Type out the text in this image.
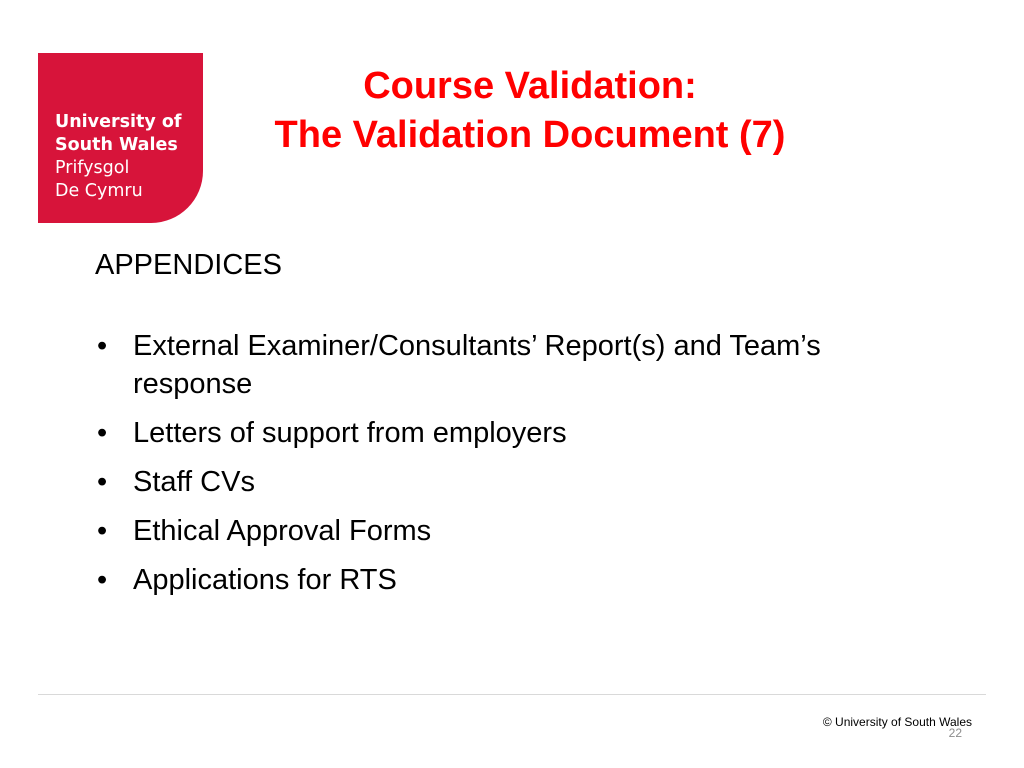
University of
South Wales
Prifysgol
De Cymru
Course Validation:
The Validation Document (7)
APPENDICES
• External Examiner/Consultants’ Report(s) and Team’s response
• Letters of support from employers
• Staff CVs
• Ethical Approval Forms
• Applications for RTS
© University of South Wales
22
